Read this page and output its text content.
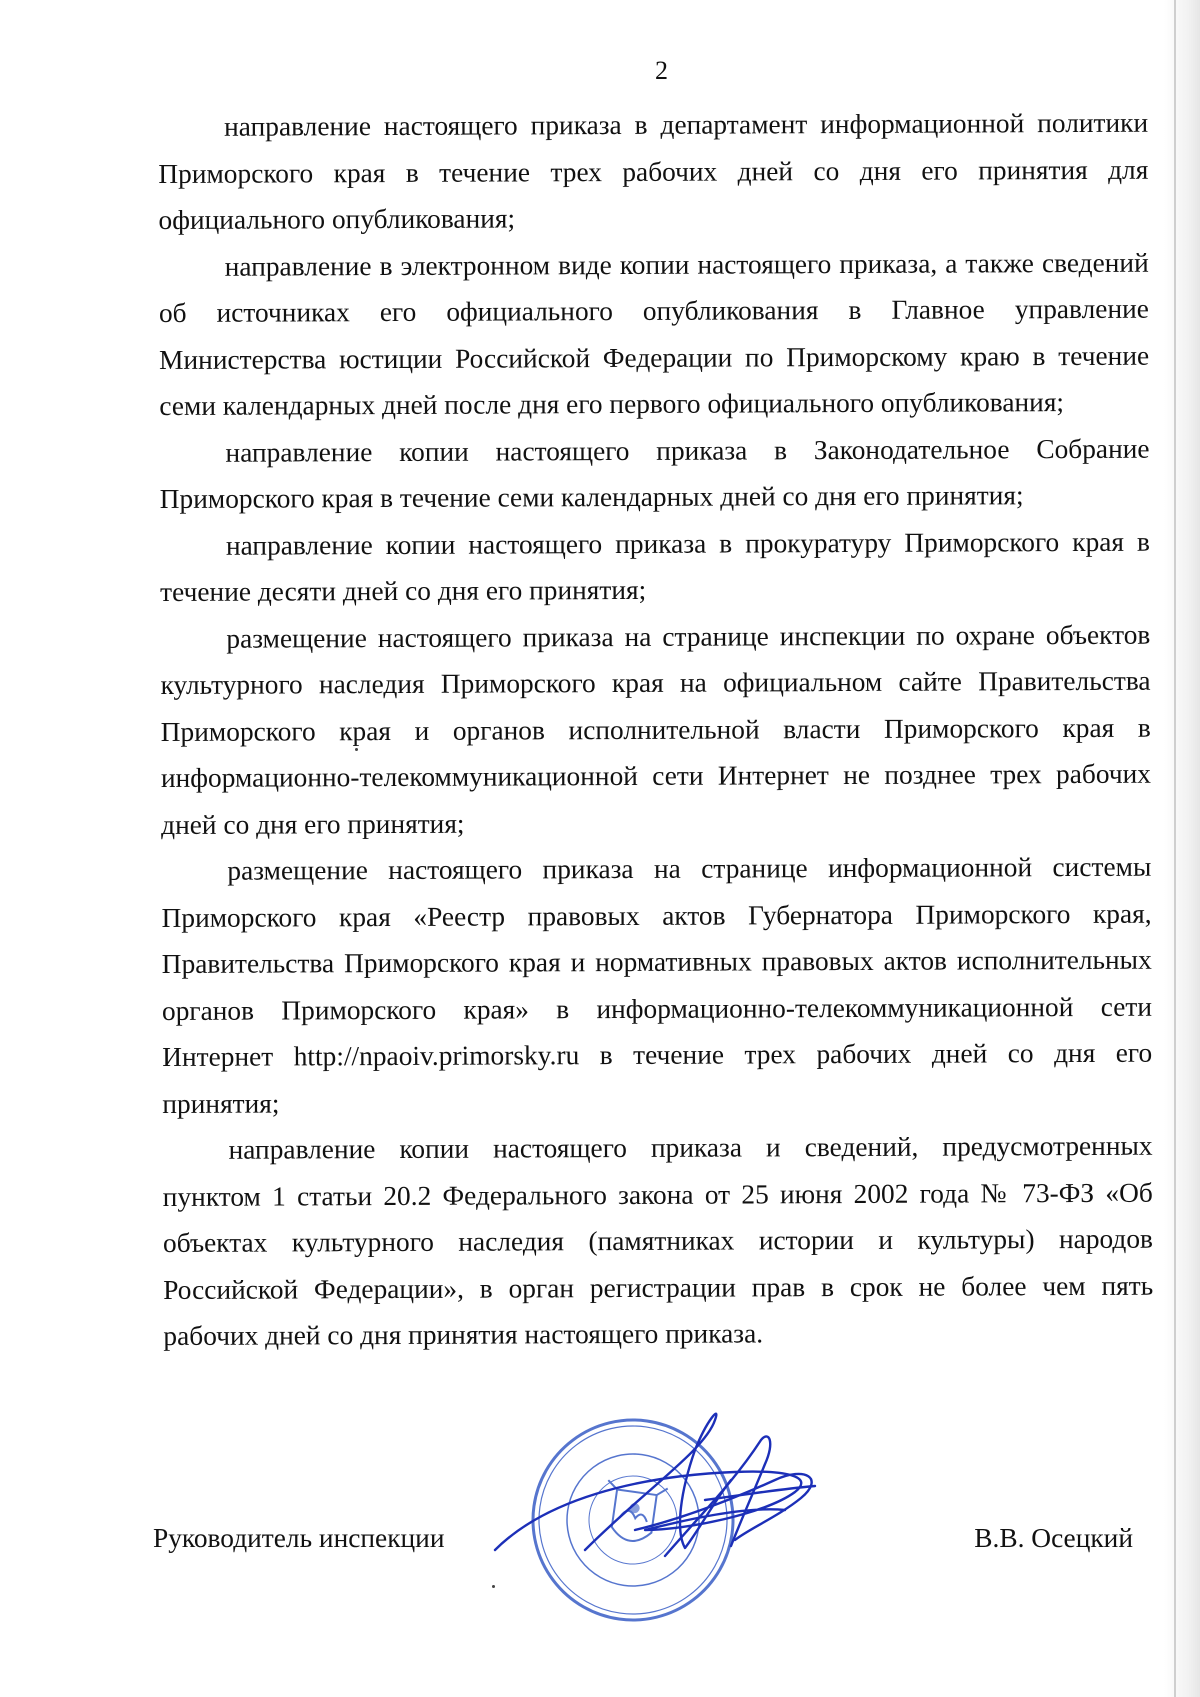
2

направление настоящего приказа в департамент информационной политики Приморского края в течение трех рабочих дней со дня его принятия для официального опубликования;

направление в электронном виде копии настоящего приказа, а также сведений об источниках его официального опубликования в Главное управление Министерства юстиции Российской Федерации по Приморскому краю в течение семи календарных дней после дня его первого официального опубликования;

направление копии настоящего приказа в Законодательное Собрание Приморского края в течение семи календарных дней со дня его принятия;

направление копии настоящего приказа в прокуратуру Приморского края в течение десяти дней со дня его принятия;

размещение настоящего приказа на странице инспекции по охране объектов культурного наследия Приморского края на официальном сайте Правительства Приморского края и органов исполнительной власти Приморского края в информационно-телекоммуникационной сети Интернет не позднее трех рабочих дней со дня его принятия;

размещение настоящего приказа на странице информационной системы Приморского края «Реестр правовых актов Губернатора Приморского края, Правительства Приморского края и нормативных правовых актов исполнительных органов Приморского края» в информационно-телекоммуникационной сети Интернет http://npaoiv.primorsky.ru в течение трех рабочих дней со дня его принятия;

направление копии настоящего приказа и сведений, предусмотренных пунктом 1 статьи 20.2 Федерального закона от 25 июня 2002 года № 73-ФЗ «Об объектах культурного наследия (памятниках истории и культуры) народов Российской Федерации», в орган регистрации прав в срок не более чем пять рабочих дней со дня принятия настоящего приказа.

Руководитель инспекции	В.В. Осецкий
